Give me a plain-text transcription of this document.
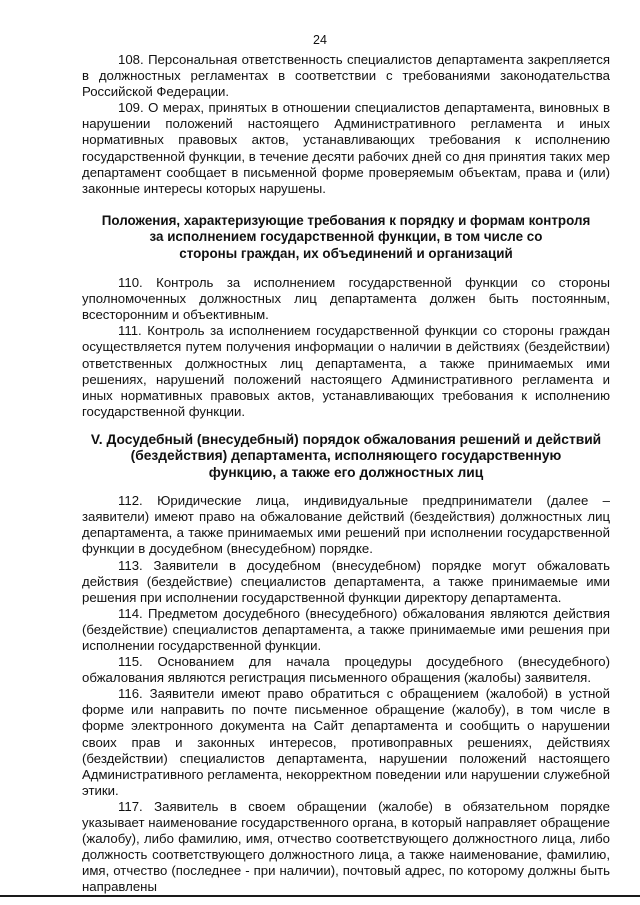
24

108. Персональная ответственность специалистов департамента закрепляется в должностных регламентах в соответствии с требованиями законодательства Российской Федерации.

109. О мерах, принятых в отношении специалистов департамента, виновных в нарушении положений настоящего Административного регламента и иных нормативных правовых актов, устанавливающих требования к исполнению государственной функции, в течение десяти рабочих дней со дня принятия таких мер департамент сообщает в письменной форме проверяемым объектам, права и (или) законные интересы которых нарушены.

Положения, характеризующие требования к порядку и формам контроля
за исполнением государственной функции, в том числе со
стороны граждан, их объединений и организаций

110. Контроль за исполнением государственной функции со стороны уполномоченных должностных лиц департамента должен быть постоянным, всесторонним и объективным.

111. Контроль за исполнением государственной функции со стороны граждан осуществляется путем получения информации о наличии в действиях (бездействии) ответственных должностных лиц департамента, а также принимаемых ими решениях, нарушений положений настоящего Административного регламента и иных нормативных правовых актов, устанавливающих требования к исполнению государственной функции.

V. Досудебный (внесудебный) порядок обжалования решений и действий
(бездействия) департамента, исполняющего государственную
функцию, а также его должностных лиц

112. Юридические лица, индивидуальные предприниматели (далее – заявители) имеют право на обжалование действий (бездействия) должностных лиц департамента, а также принимаемых ими решений при исполнении государственной функции в досудебном (внесудебном) порядке.

113. Заявители в досудебном (внесудебном) порядке могут обжаловать действия (бездействие) специалистов департамента, а также принимаемые ими решения при исполнении государственной функции директору департамента.

114. Предметом досудебного (внесудебного) обжалования являются действия (бездействие) специалистов департамента, а также принимаемые ими решения при исполнении государственной функции.

115. Основанием для начала процедуры досудебного (внесудебного) обжалования являются регистрация письменного обращения (жалобы) заявителя.

116. Заявители имеют право обратиться с обращением (жалобой) в устной форме или направить по почте письменное обращение (жалобу), в том числе в форме электронного документа на Сайт департамента и сообщить о нарушении своих прав и законных интересов, противоправных решениях, действиях (бездействии) специалистов департамента, нарушении положений настоящего Административного регламента, некорректном поведении или нарушении служебной этики.

117. Заявитель в своем обращении (жалобе) в обязательном порядке указывает наименование государственного органа, в который направляет обращение (жалобу), либо фамилию, имя, отчество соответствующего должностного лица, либо должность соответствующего должностного лица, а также наименование, фамилию, имя, отчество (последнее - при наличии), почтовый адрес, по которому должны быть направлены
